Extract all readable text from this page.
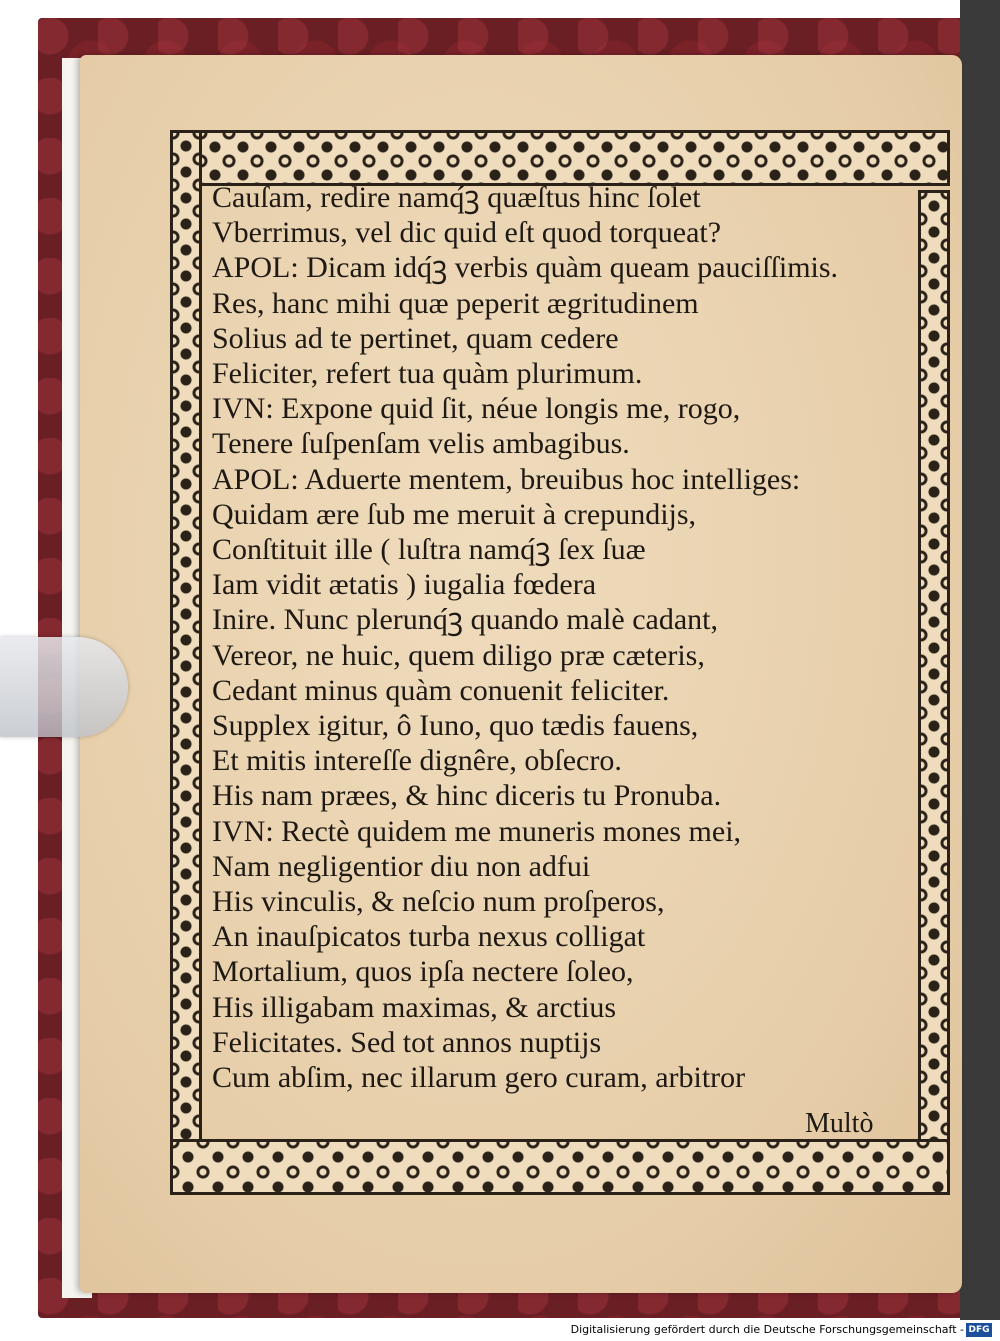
Cauſam, redire namq́ꝫ quæſtus hinc ſolet
Vberrimus, vel dic quid eſt quod torqueat?
APOL: Dicam idq́ꝫ verbis quàm queam pauciſſimis.
Res, hanc mihi quæ peperit ægritudinem
Solius ad te pertinet, quam cedere
Feliciter, refert tua quàm plurimum.
IVN: Expone quid ſit, néue longis me, rogo,
Tenere ſuſpenſam velis ambagibus.
APOL: Aduerte mentem, breuibus hoc intelliges:
Quidam ære ſub me meruit à crepundijs,
Conſtituit ille ( luſtra namq́ꝫ ſex ſuæ
Iam vidit ætatis ) iugalia fœdera
Inire. Nunc plerunq́ꝫ quando malè cadant,
Vereor, ne huic, quem diligo præ cæteris,
Cedant minus quàm conuenit feliciter.
Supplex igitur, ô Iuno, quo tædis fauens,
Et mitis intereſſe dignêre, obſecro.
His nam præes, & hinc diceris tu Pronuba.
IVN: Rectè quidem me muneris mones mei,
Nam negligentior diu non adfui
His vinculis, & neſcio num proſperos,
An inauſpicatos turba nexus colligat
Mortalium, quos ipſa nectere ſoleo,
His illigabam maximas, & arctius
Felicitates. Sed tot annos nuptijs
Cum abſim, nec illarum gero curam, arbitror
Multò
Digitalisierung gefördert durch die Deutsche Forschungsgemeinschaft - DFG
